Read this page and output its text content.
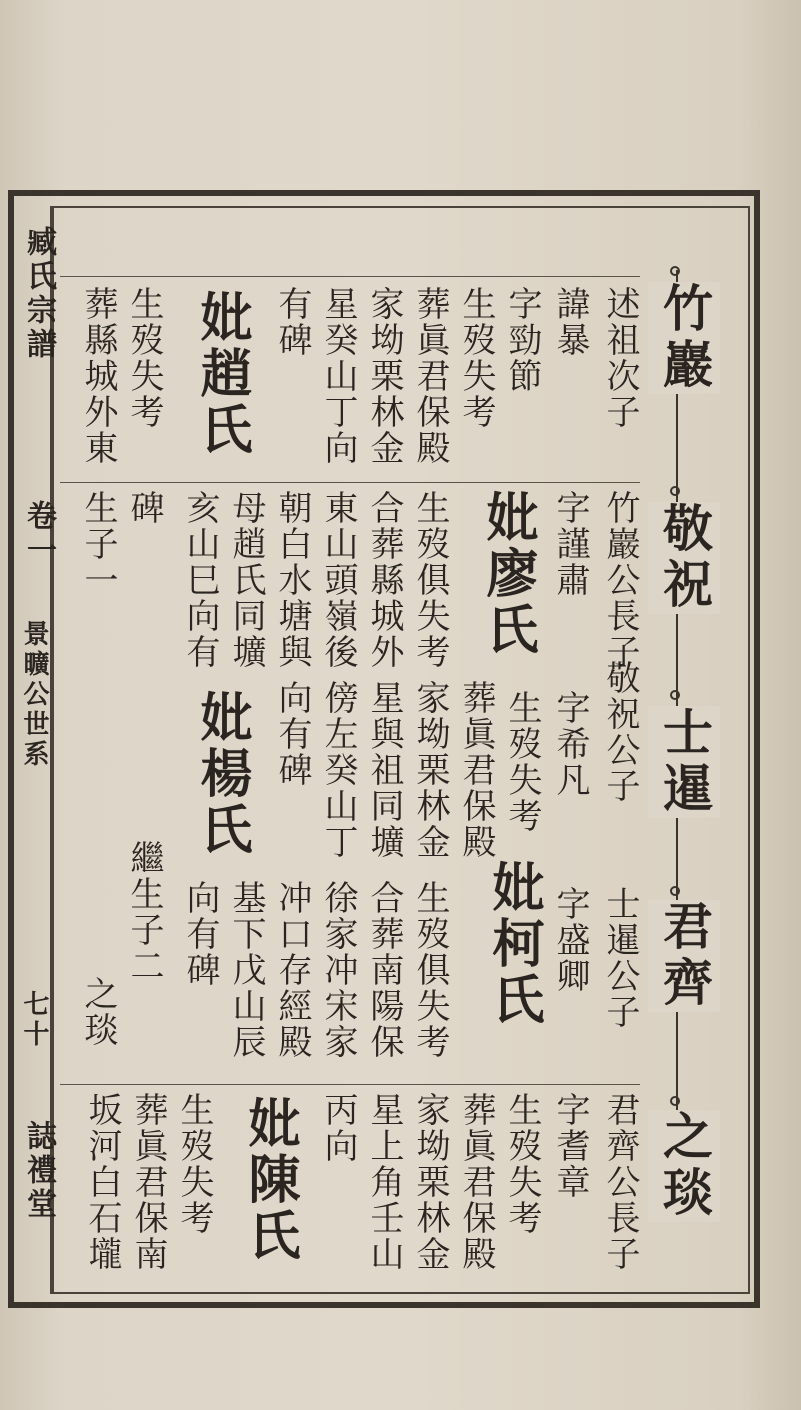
臧氏宗譜
卷一
景曠公世系
七十
誌禮堂
竹巖
敬祝
士暹
君齊
之琰
述祖次子
諱暴
字勁節
生歿失考
葬眞君保殿
家坳栗林金
星癸山丁向
有碑
妣趙氏
生歿失考
葬縣城外東
竹巖公長子
字謹肅
妣廖氏
生歿俱失考
合葬縣城外
東山頭嶺後
朝白水塘與
母趙氏同壙
亥山巳向有
碑
生子一
敬祝公子
字希凡
生歿失考
葬眞君保殿
家坳栗林金
星與祖同壙
傍左癸山丁
向有碑
妣楊氏
妣柯氏
生歿俱失考
合葬南陽保
徐家冲宋家
冲口存經殿
基下戊山辰
向有碑
繼生子二
之琰	士暹公子
字盛卿
君齊公長子
字耆章
生歿失考
葬眞君保殿
家坳栗林金
星上角壬山
丙向
妣陳氏
生歿失考
葬眞君保南
坂河白石壠
